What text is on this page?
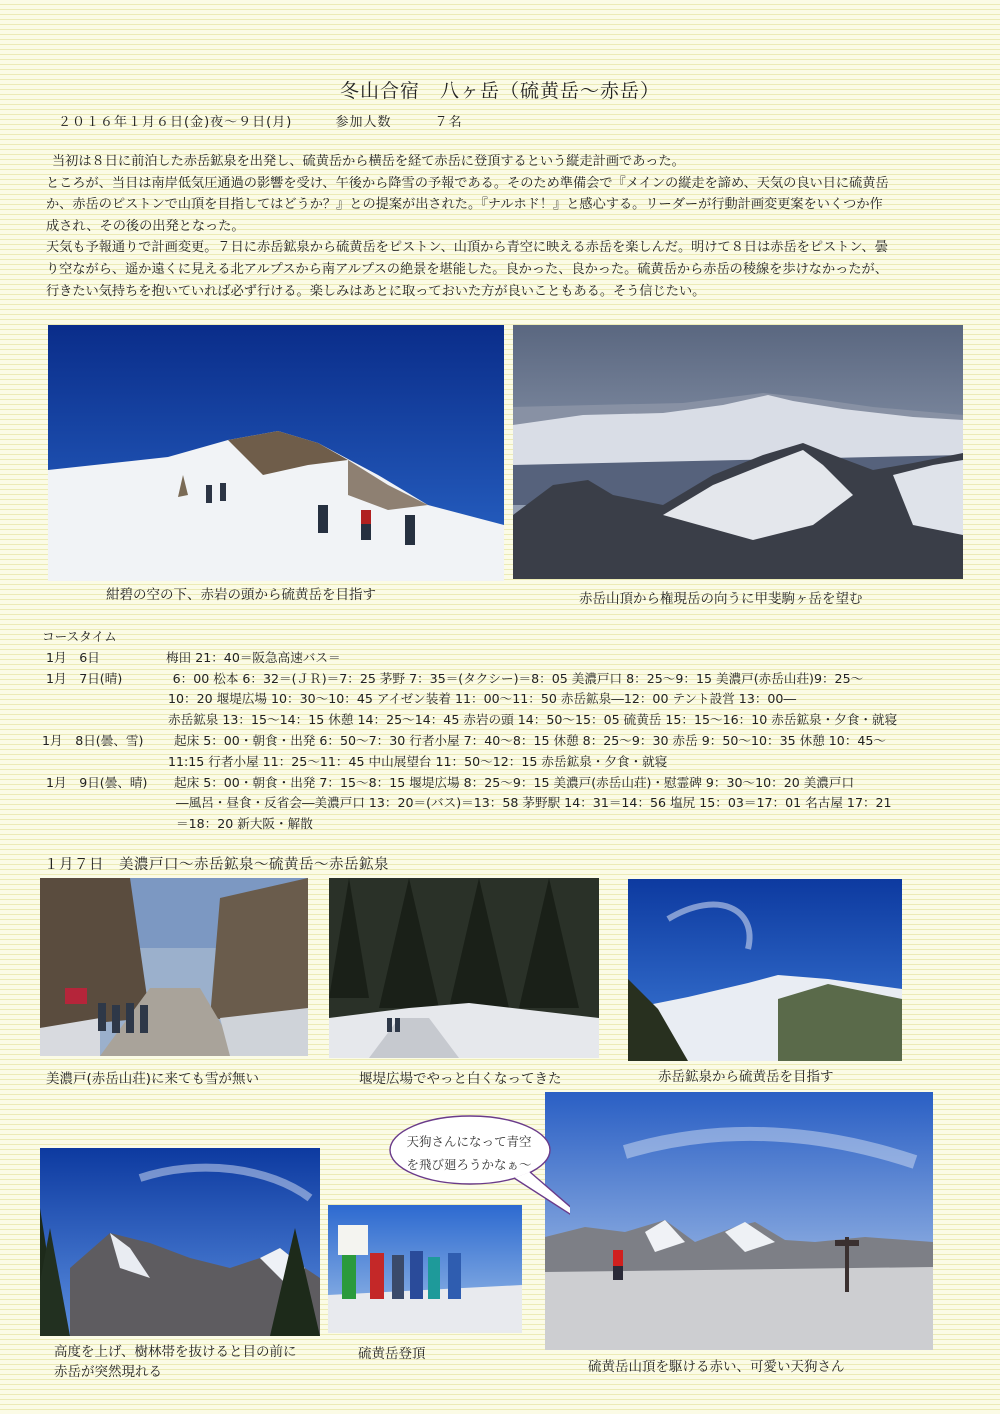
冬山合宿　八ヶ岳（硫黄岳～赤岳）
２０１６年１月６日(金)夜～９日(月)	参加人数	７名

当初は８日に前泊した赤岳鉱泉を出発し、硫黄岳から横岳を経て赤岳に登頂するという縦走計画であった。

ところが、当日は南岸低気圧通過の影響を受け、午後から降雪の予報である。そのため準備会で『メインの縦走を諦め、天気の良い日に硫黄岳

か、赤岳のピストンで山頂を目指してはどうか？』との提案が出された。『ナルホド！』と感心する。リーダーが行動計画変更案をいくつか作

成され、その後の出発となった。

天気も予報通りで計画変更。７日に赤岳鉱泉から硫黄岳をピストン、山頂から青空に映える赤岳を楽しんだ。明けて８日は赤岳をピストン、曇

り空ながら、遥か遠くに見える北アルプスから南アルプスの絶景を堪能した。良かった、良かった。硫黄岳から赤岳の稜線を歩けなかったが、

行きたい気持ちを抱いていれば必ず行ける。楽しみはあとに取っておいた方が良いこともある。そう信じたい。

紺碧の空の下、赤岩の頭から硫黄岳を目指す	赤岳山頂から権現岳の向うに甲斐駒ヶ岳を望む
コースタイム
1月　6日	梅田 21：40＝阪急高速バス＝
1月　7日(晴)	　6：00 松本 6：32＝(ＪＲ)＝7：25 茅野 7：35＝(タクシー)＝8：05 美濃戸口 8：25～9：15 美濃戸(赤岳山荘)9：25～
10：20 堰堤広場 10：30～10：45 アイゼン装着 11：00～11：50 赤岳鉱泉―12：00 テント設営 13：00―
赤岳鉱泉 13：15～14：15 休憩 14：25～14：45 赤岩の頭 14：50～15：05 硫黄岳 15：15～16：10 赤岳鉱泉・夕食・就寝
1月　8日(曇、雪) 起床 5：00・朝食・出発 6：50～7：30 行者小屋 7：40～8：15 休憩 8：25～9：30 赤岳 9：50～10：35 休憩 10：45～
11:15 行者小屋 11：25～11：45 中山展望台 11：50～12：15 赤岳鉱泉・夕食・就寝
1月　9日(曇、晴) 起床 5：00・朝食・出発 7：15～8：15 堰堤広場 8：25～9：15 美濃戸(赤岳山荘)・慰霊碑 9：30～10：20 美濃戸口
―風呂・昼食・反省会―美濃戸口 13：20＝(バス)＝13：58 茅野駅 14：31＝14：56 塩尻 15：03＝17：01 名古屋 17：21
＝18：20 新大阪・解散
１月７日　美濃戸口～赤岳鉱泉～硫黄岳～赤岳鉱泉
美濃戸(赤岳山荘)に来ても雪が無い	堰堤広場でやっと白くなってきた	赤岳鉱泉から硫黄岳を目指す
高度を上げ、樹林帯を抜けると目の前に
赤岳が突然現れる
硫黄岳登頂
硫黄岳山頂を駆ける赤い、可愛い天狗さん
天狗さんになって青空
を飛び廻ろうかなぁ～
